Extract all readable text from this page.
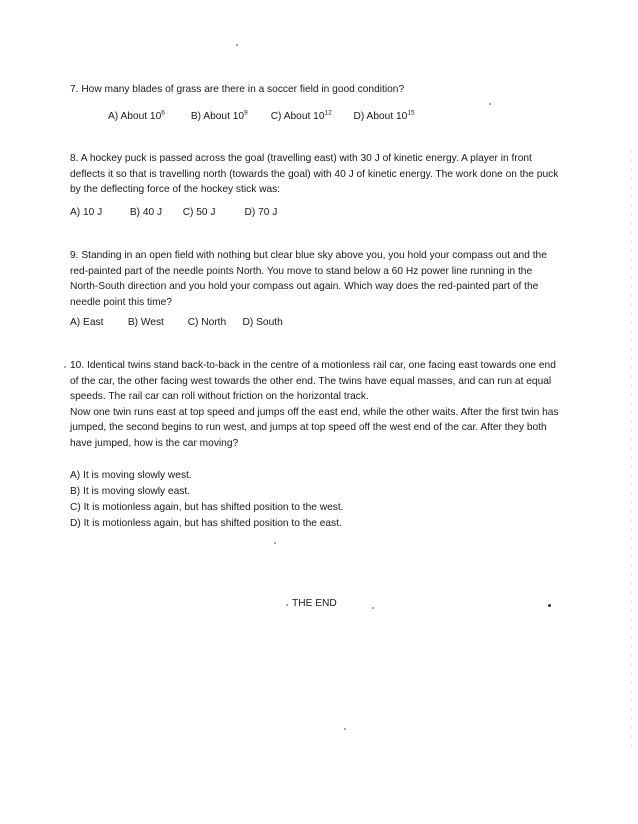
7. How many blades of grass are there in a soccer field in good condition?

A) About $10^6$	B) About $10^9$ C) About $10^{12}$ D) About $10^{15}$

8. A hockey puck is passed across the goal (travelling east) with 30 J of kinetic energy. A player in front deflects it so that is travelling north (towards the goal) with 40 J of kinetic energy. The work done on the puck by the deflecting force of the hockey stick was:

A) 10 J	B) 40 J C) 50 J	D) 70 J

9. Standing in an open field with nothing but clear blue sky above you, you hold your compass out and the red-painted part of the needle points North. You move to stand below a 60 Hz power line running in the North-South direction and you hold your compass out again. Which way does the red-painted part of the needle point this time?

A) East B) West C) North D) South

10. Identical twins stand back-to-back in the centre of a motionless rail car, one facing east towards one end of the car, the other facing west towards the other end. The twins have equal masses, and can run at equal speeds. The rail car can roll without friction on the horizontal track.

Now one twin runs east at top speed and jumps off the east end, while the other waits. After the first twin has jumped, the second begins to run west, and jumps at top speed off the west end of the car. After they both have jumped, how is the car moving?

A) It is moving slowly west.
B) It is moving slowly east.
C) It is motionless again, but has shifted position to the west.
D) It is motionless again, but has shifted position to the east.
THE END
